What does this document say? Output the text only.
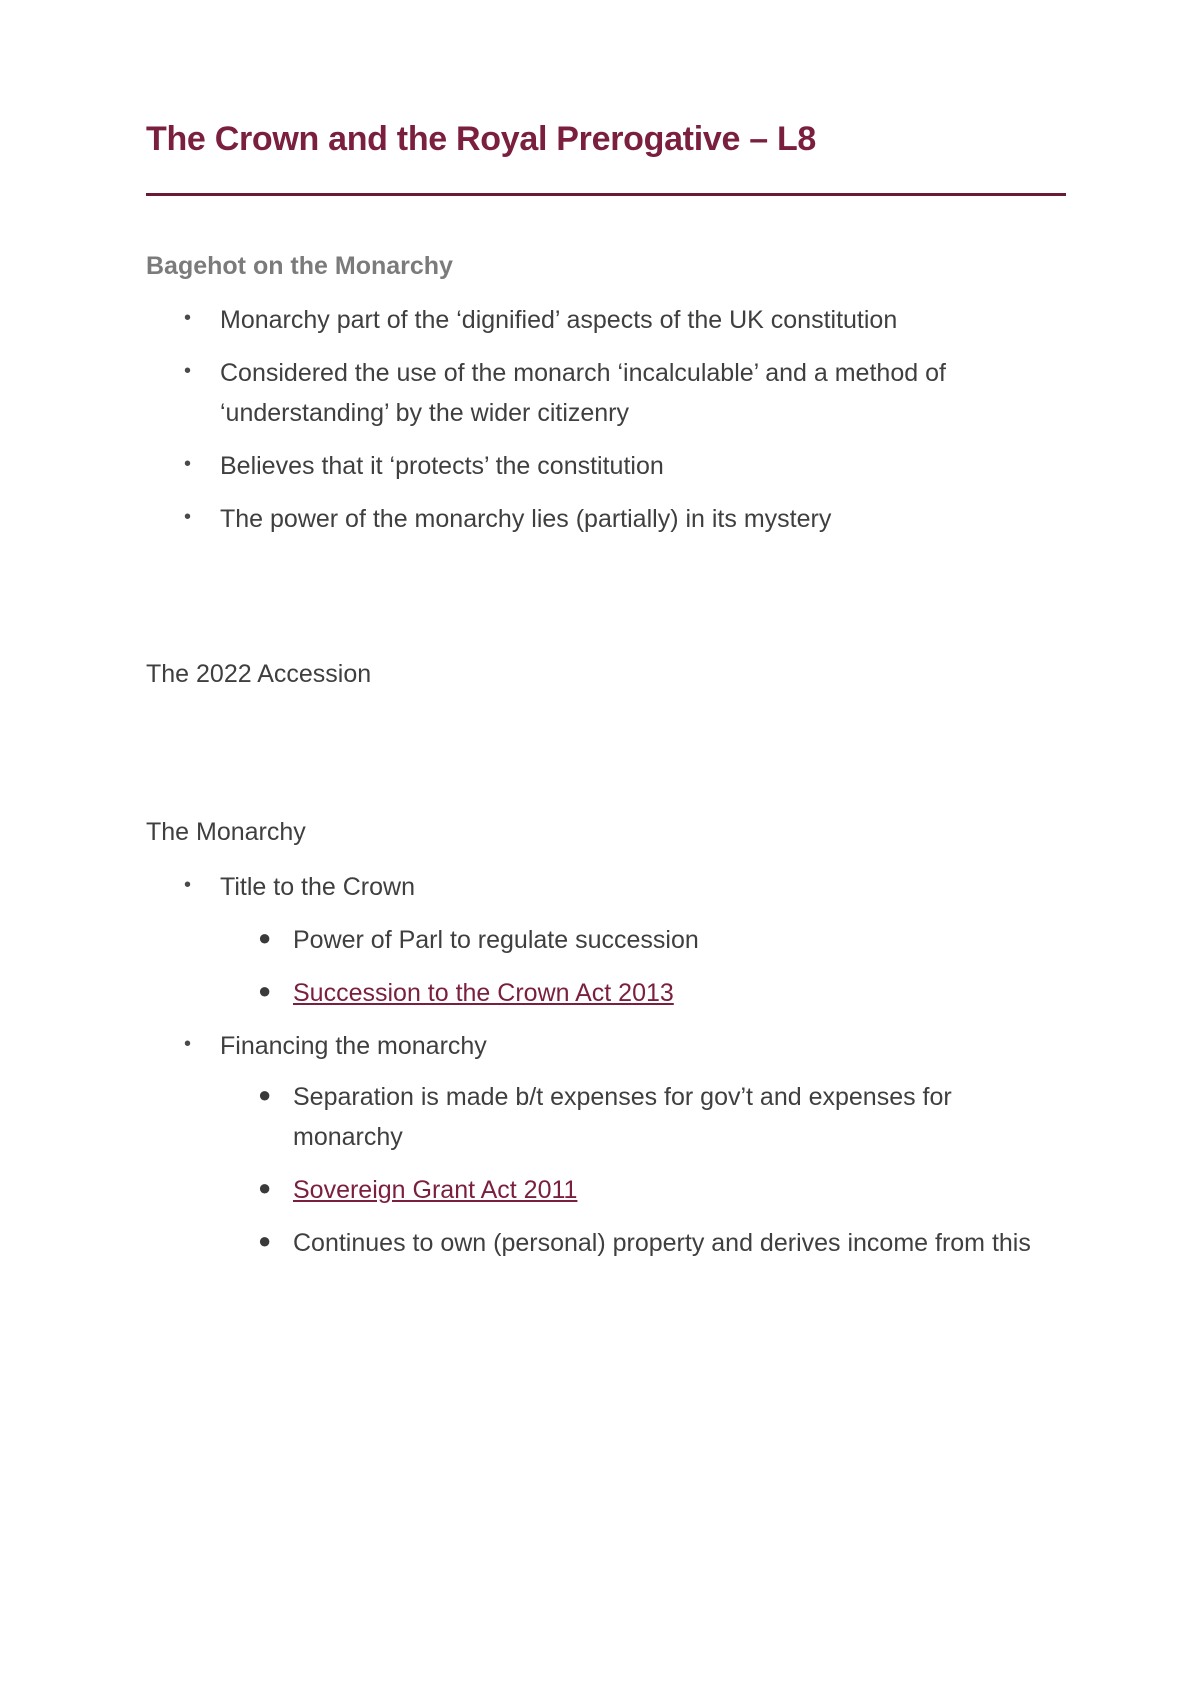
The Crown and the Royal Prerogative – L8
Bagehot on the Monarchy
• Monarchy part of the ‘dignified’ aspects of the UK constitution
• Considered the use of the monarch ‘incalculable’ and a method of ‘understanding’ by the wider citizenry
• Believes that it ‘protects’ the constitution
• The power of the monarchy lies (partially) in its mystery
The 2022 Accession
The Monarchy
• Title to the Crown
● Power of Parl to regulate succession
● Succession to the Crown Act 2013
• Financing the monarchy
● Separation is made b/t expenses for gov’t and expenses for monarchy
● Sovereign Grant Act 2011
● Continues to own (personal) property and derives income from this
